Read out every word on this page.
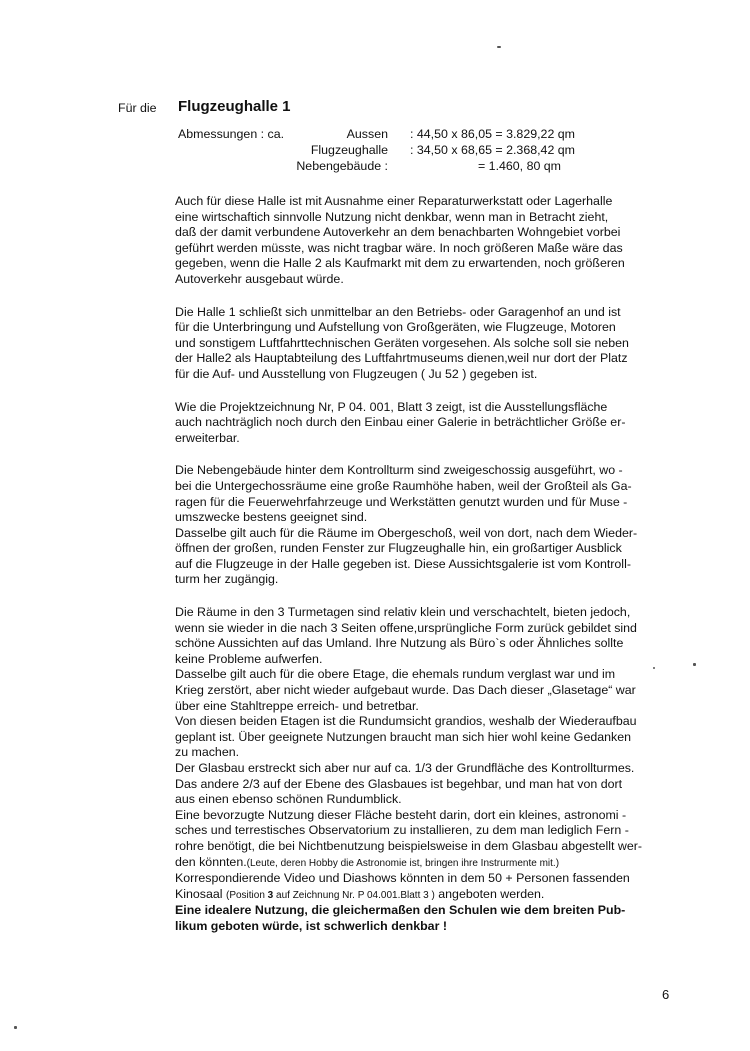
Für die Flugzeughalle 1
Abmessungen : ca.	Aussen : 44,50 x 86,05 = 3.829,22 qm
Flugzeughalle : 34,50 x 68,65 = 2.368,42 qm
Nebengebäude :	= 1.460, 80 qm

Auch für diese Halle ist mit Ausnahme einer Reparaturwerkstatt oder Lagerhalle
eine wirtschaftich sinnvolle Nutzung nicht denkbar, wenn man in Betracht zieht,
daß der damit verbundene Autoverkehr an dem benachbarten Wohngebiet vorbei
geführt werden müsste, was nicht tragbar wäre. In noch größeren Maße wäre das
gegeben, wenn die Halle 2 als Kaufmarkt mit dem zu erwartenden, noch größeren
Autoverkehr ausgebaut würde.

Die Halle 1 schließt sich unmittelbar an den Betriebs- oder Garagenhof an und ist
für die Unterbringung und Aufstellung von Großgeräten, wie Flugzeuge, Motoren
und sonstigem Luftfahrttechnischen Geräten vorgesehen. Als solche soll sie neben
der Halle2 als Hauptabteilung des Luftfahrtmuseums dienen,weil nur dort der Platz
für die Auf- und Ausstellung von Flugzeugen ( Ju 52 ) gegeben ist.

Wie die Projektzeichnung Nr, P 04. 001, Blatt 3 zeigt, ist die Ausstellungsfläche
auch nachträglich noch durch den Einbau einer Galerie in beträchtlicher Größe er-
erweiterbar.

Die Nebengebäude hinter dem Kontrollturm sind zweigeschossig ausgeführt, wo -
bei die Untergechossräume eine große Raumhöhe haben, weil der Großteil als Ga-
ragen für die Feuerwehrfahrzeuge und Werkstätten genutzt wurden und für Muse -
umszwecke bestens geeignet sind.
Dasselbe gilt auch für die Räume im Obergeschoß, weil von dort, nach dem Wieder-
öffnen der großen, runden Fenster zur Flugzeughalle hin, ein großartiger Ausblick
auf die Flugzeuge in der Halle gegeben ist. Diese Aussichtsgalerie ist vom Kontroll-
turm her zugängig.

Die Räume in den 3 Turmetagen sind relativ klein und verschachtelt, bieten jedoch,
wenn sie wieder in die nach 3 Seiten offene,ursprüngliche Form zurück gebildet sind
schöne Aussichten auf das Umland. Ihre Nutzung als Büro`s oder Ähnliches sollte
keine Probleme aufwerfen.
Dasselbe gilt auch für die obere Etage, die ehemals rundum verglast war und im
Krieg zerstört, aber nicht wieder aufgebaut wurde. Das Dach dieser „Glasetage“ war
über eine Stahltreppe erreich- und betretbar.
Von diesen beiden Etagen ist die Rundumsicht grandios, weshalb der Wiederaufbau
geplant ist. Über geeignete Nutzungen braucht man sich hier wohl keine Gedanken
zu machen.
Der Glasbau erstreckt sich aber nur auf ca. 1/3 der Grundfläche des Kontrollturmes.
Das andere 2/3 auf der Ebene des Glasbaues ist begehbar, und man hat von dort
aus einen ebenso schönen Rundumblick.
Eine bevorzugte Nutzung dieser Fläche besteht darin, dort ein kleines, astronomi -
sches und terrestisches Observatorium zu installieren, zu dem man lediglich Fern -
rohre benötigt, die bei Nichtbenutzung beispielsweise in dem Glasbau abgestellt wer-
den könnten.(Leute, deren Hobby die Astronomie ist, bringen ihre Instrurmente mit.)
Korrespondierende Video und Diashows könnten in dem 50 + Personen fassenden
Kinosaal (Position 3 auf Zeichnung Nr. P 04.001.Blatt 3 ) angeboten werden.
Eine idealere Nutzung, die gleichermaßen den Schulen wie dem breiten Pub-
likum geboten würde, ist schwerlich denkbar !

6
